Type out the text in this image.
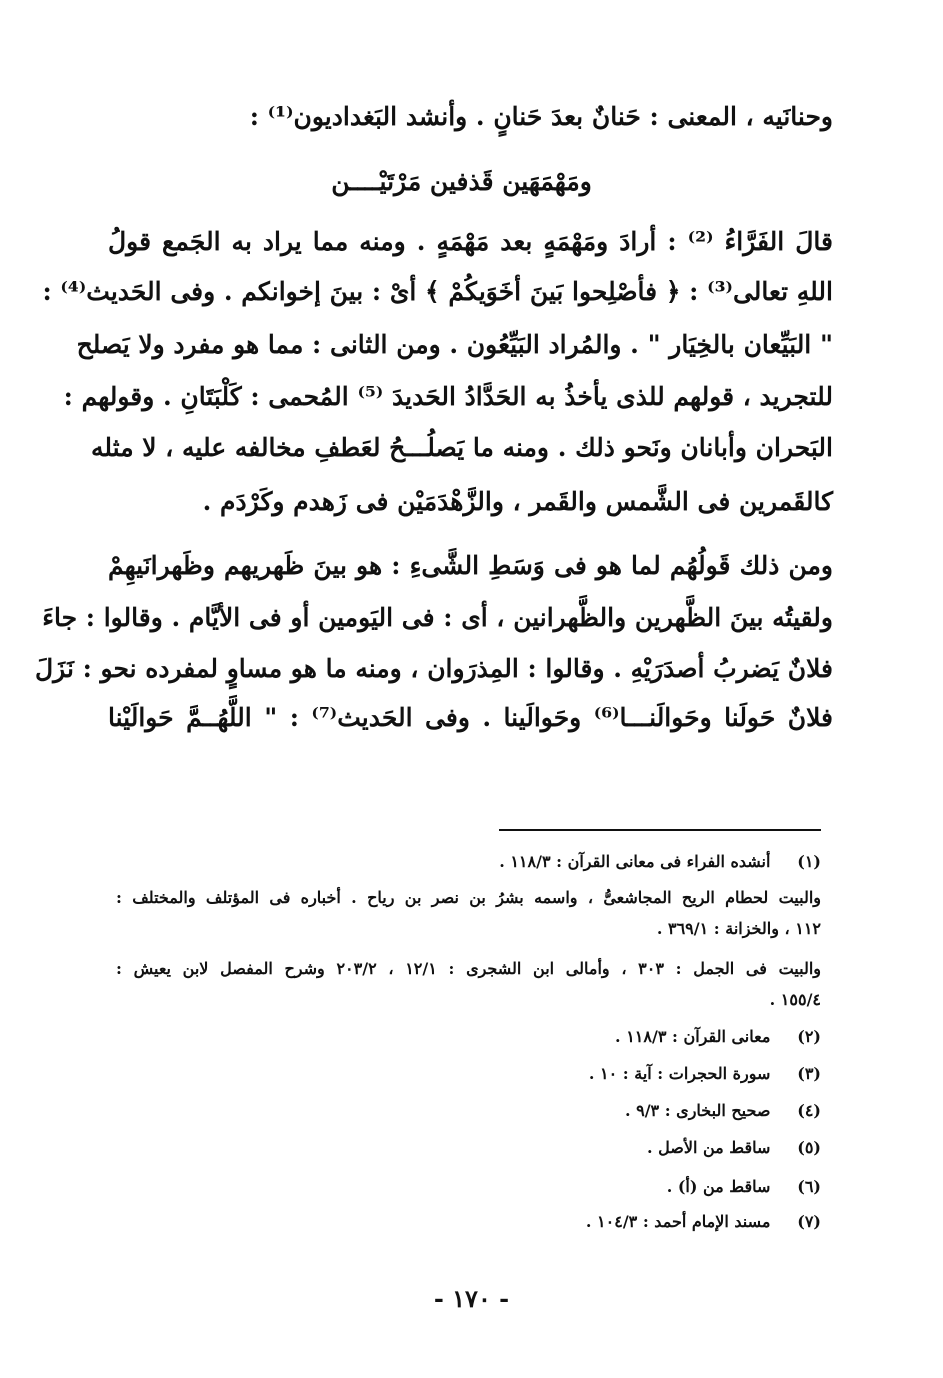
وحنانَيه ، المعنى : حَنانٌ بعدَ حَنانٍ . وأنشد البَغداديون⁽¹⁾ :
ومَهْمَهَين قَذفين مَرْتَيْــــن
قالَ الفَرَّاءُ ⁽²⁾ : أرادَ ومَهْمَهٍ بعد مَهْمَهٍ . ومنه مما يراد به الجَمع قولُ
اللهِ تعالى⁽³⁾ : ﴿ فأصْلِحوا بَينَ أخَوَيكُمْ ﴾ أىْ : بينَ إخوانكم . وفى الحَديث⁽⁴⁾ :
" البَيِّعان بالخِيَار " . والمُراد البَيِّعُون . ومن الثانى : مما هو مفرد ولا يَصلح
للتجريد ، قولهم للذى يأخذُ به الحَدَّادُ الحَديدَ ⁽⁵⁾ المُحمى : كَلْبَتَانِ . وقولهم :
البَحران وأبانان ونَحو ذلك . ومنه ما يَصلُـــحُ لعَطفِ مخالفه عليه ، لا مثله
كالقَمرين فى الشَّمس والقَمر ، والزَّهْدَمَيْن فى زَهدم وكَرْدَم .
ومن ذلك قَولُهُم لما هو فى وَسَطِ الشَّىءِ : هو بينَ ظَهريهم وظَهرانَيهِمْ
ولقيتُه بينَ الظَّهرين والظَّهرانين ، أى : فى اليَومين أو فى الأيَّام . وقالوا : جاءَ
فلانٌ يَضربُ أصدَرَيْهِ . وقالوا : المِذرَوان ، ومنه ما هو مساوٍ لمفرده نحو : نَزَلَ
فلانٌ حَولَنا وحَوالَنـــا⁽⁶⁾ وحَوالَينا . وفى الحَديث⁽⁷⁾ : " اللَّهُــمَّ حَوالَيْنا
(١) أنشده الفراء فى معانى القرآن : ١١٨/٣ .
والبيت لحطام الريح المجاشعىُّ ، واسمه بشرُ بن نصر بن رياح . أخباره فى المؤتلف والمختلف :
١١٢ ، والخزانة : ٣٦٩/١ .
والبيت فى الجمل : ٣٠٣ ، وأمالى ابن الشجرى : ١٢/١ ، ٢٠٣/٢ وشرح المفصل لابن يعيش :
١٥٥/٤ .
(٢) معانى القرآن : ١١٨/٣ .
(٣) سورة الحجرات : آية : ١٠ .
(٤) صحيح البخارى : ٩/٣ .
(٥) ساقط من الأصل .
(٦) ساقط من (أ) .
(٧) مسند الإمام أحمد : ١٠٤/٣ .
- ١٧٠ -
